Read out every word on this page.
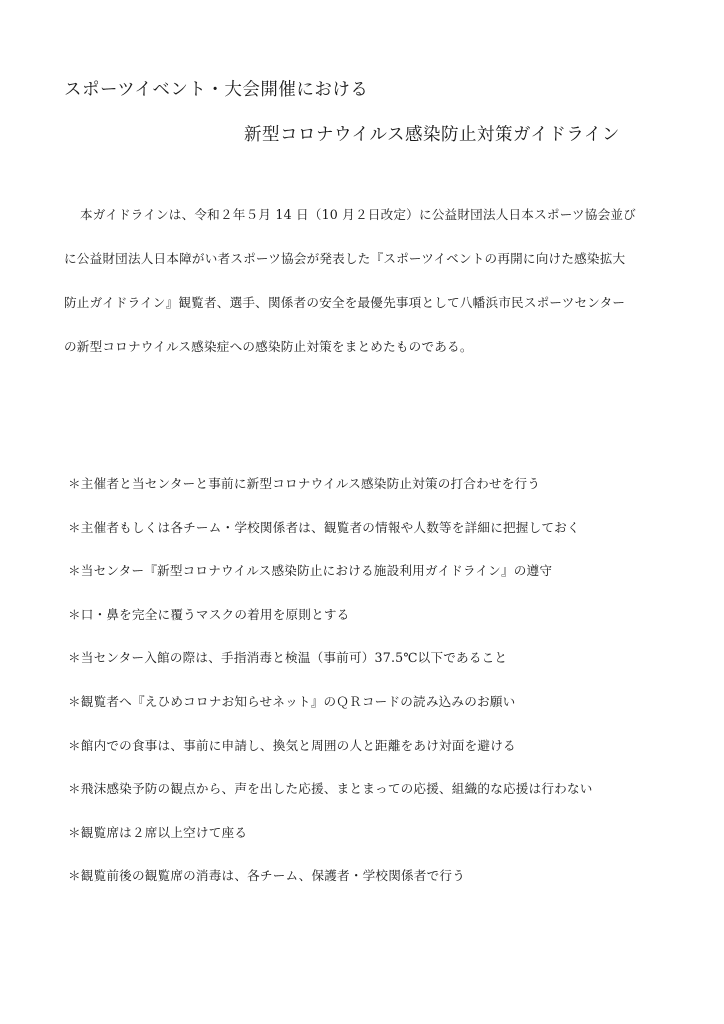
スポーツイベント・大会開催における
新型コロナウイルス感染防止対策ガイドライン
本ガイドラインは、令和２年５月 14 日（10 月２日改定）に公益財団法人日本スポーツ協会並び
に公益財団法人日本障がい者スポーツ協会が発表した『スポーツイベントの再開に向けた感染拡大
防止ガイドライン』観覧者、選手、関係者の安全を最優先事項として八幡浜市民スポーツセンター
の新型コロナウイルス感染症への感染防止対策をまとめたものである。
＊主催者と当センターと事前に新型コロナウイルス感染防止対策の打合わせを行う
＊主催者もしくは各チーム・学校関係者は、観覧者の情報や人数等を詳細に把握しておく
＊当センター『新型コロナウイルス感染防止における施設利用ガイドライン』の遵守
＊口・鼻を完全に覆うマスクの着用を原則とする
＊当センター入館の際は、手指消毒と検温（事前可）37.5℃以下であること
＊観覧者へ『えひめコロナお知らせネット』のＱＲコードの読み込みのお願い
＊館内での食事は、事前に申請し、換気と周囲の人と距離をあけ対面を避ける
＊飛沫感染予防の観点から、声を出した応援、まとまっての応援、組織的な応援は行わない
＊観覧席は２席以上空けて座る
＊観覧前後の観覧席の消毒は、各チーム、保護者・学校関係者で行う
